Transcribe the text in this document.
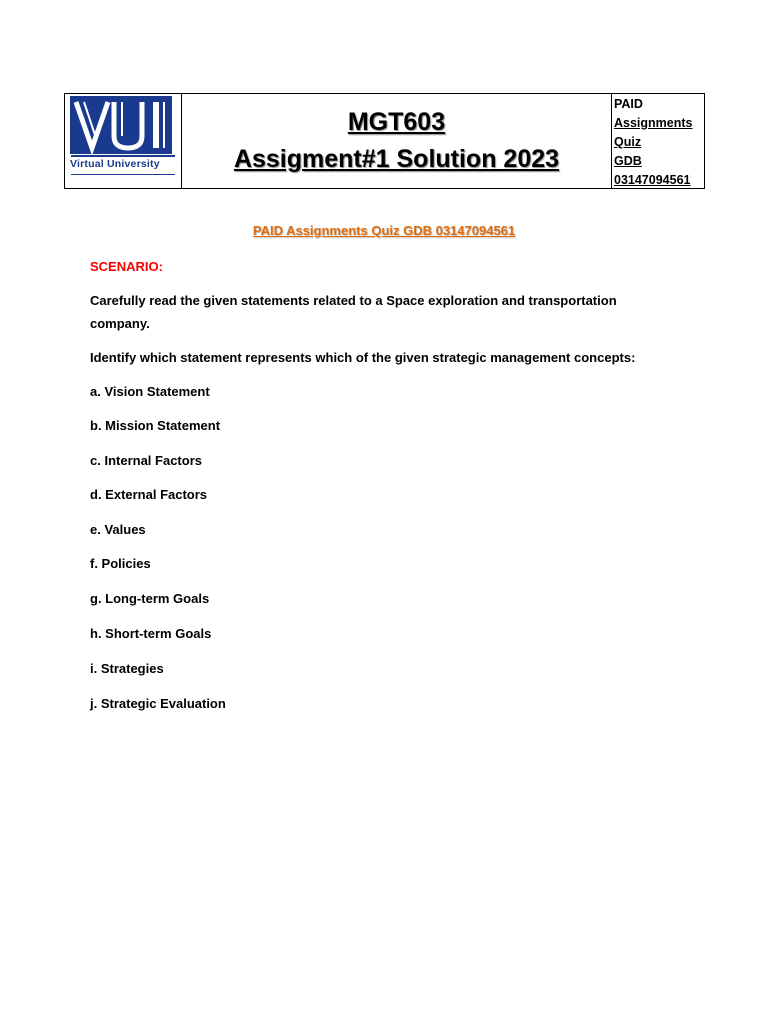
Virtual University
MGT603
Assigment#1 Solution 2023
PAID
Assignments
Quiz
GDB
03147094561
PAID Assignments Quiz GDB 03147094561
SCENARIO:
Carefully read the given statements related to a Space exploration and transportation company.
Identify which statement represents which of the given strategic management concepts:
a. Vision Statement
b. Mission Statement
c. Internal Factors
d. External Factors
e. Values
f. Policies
g. Long-term Goals
h. Short-term Goals
i. Strategies
j. Strategic Evaluation
